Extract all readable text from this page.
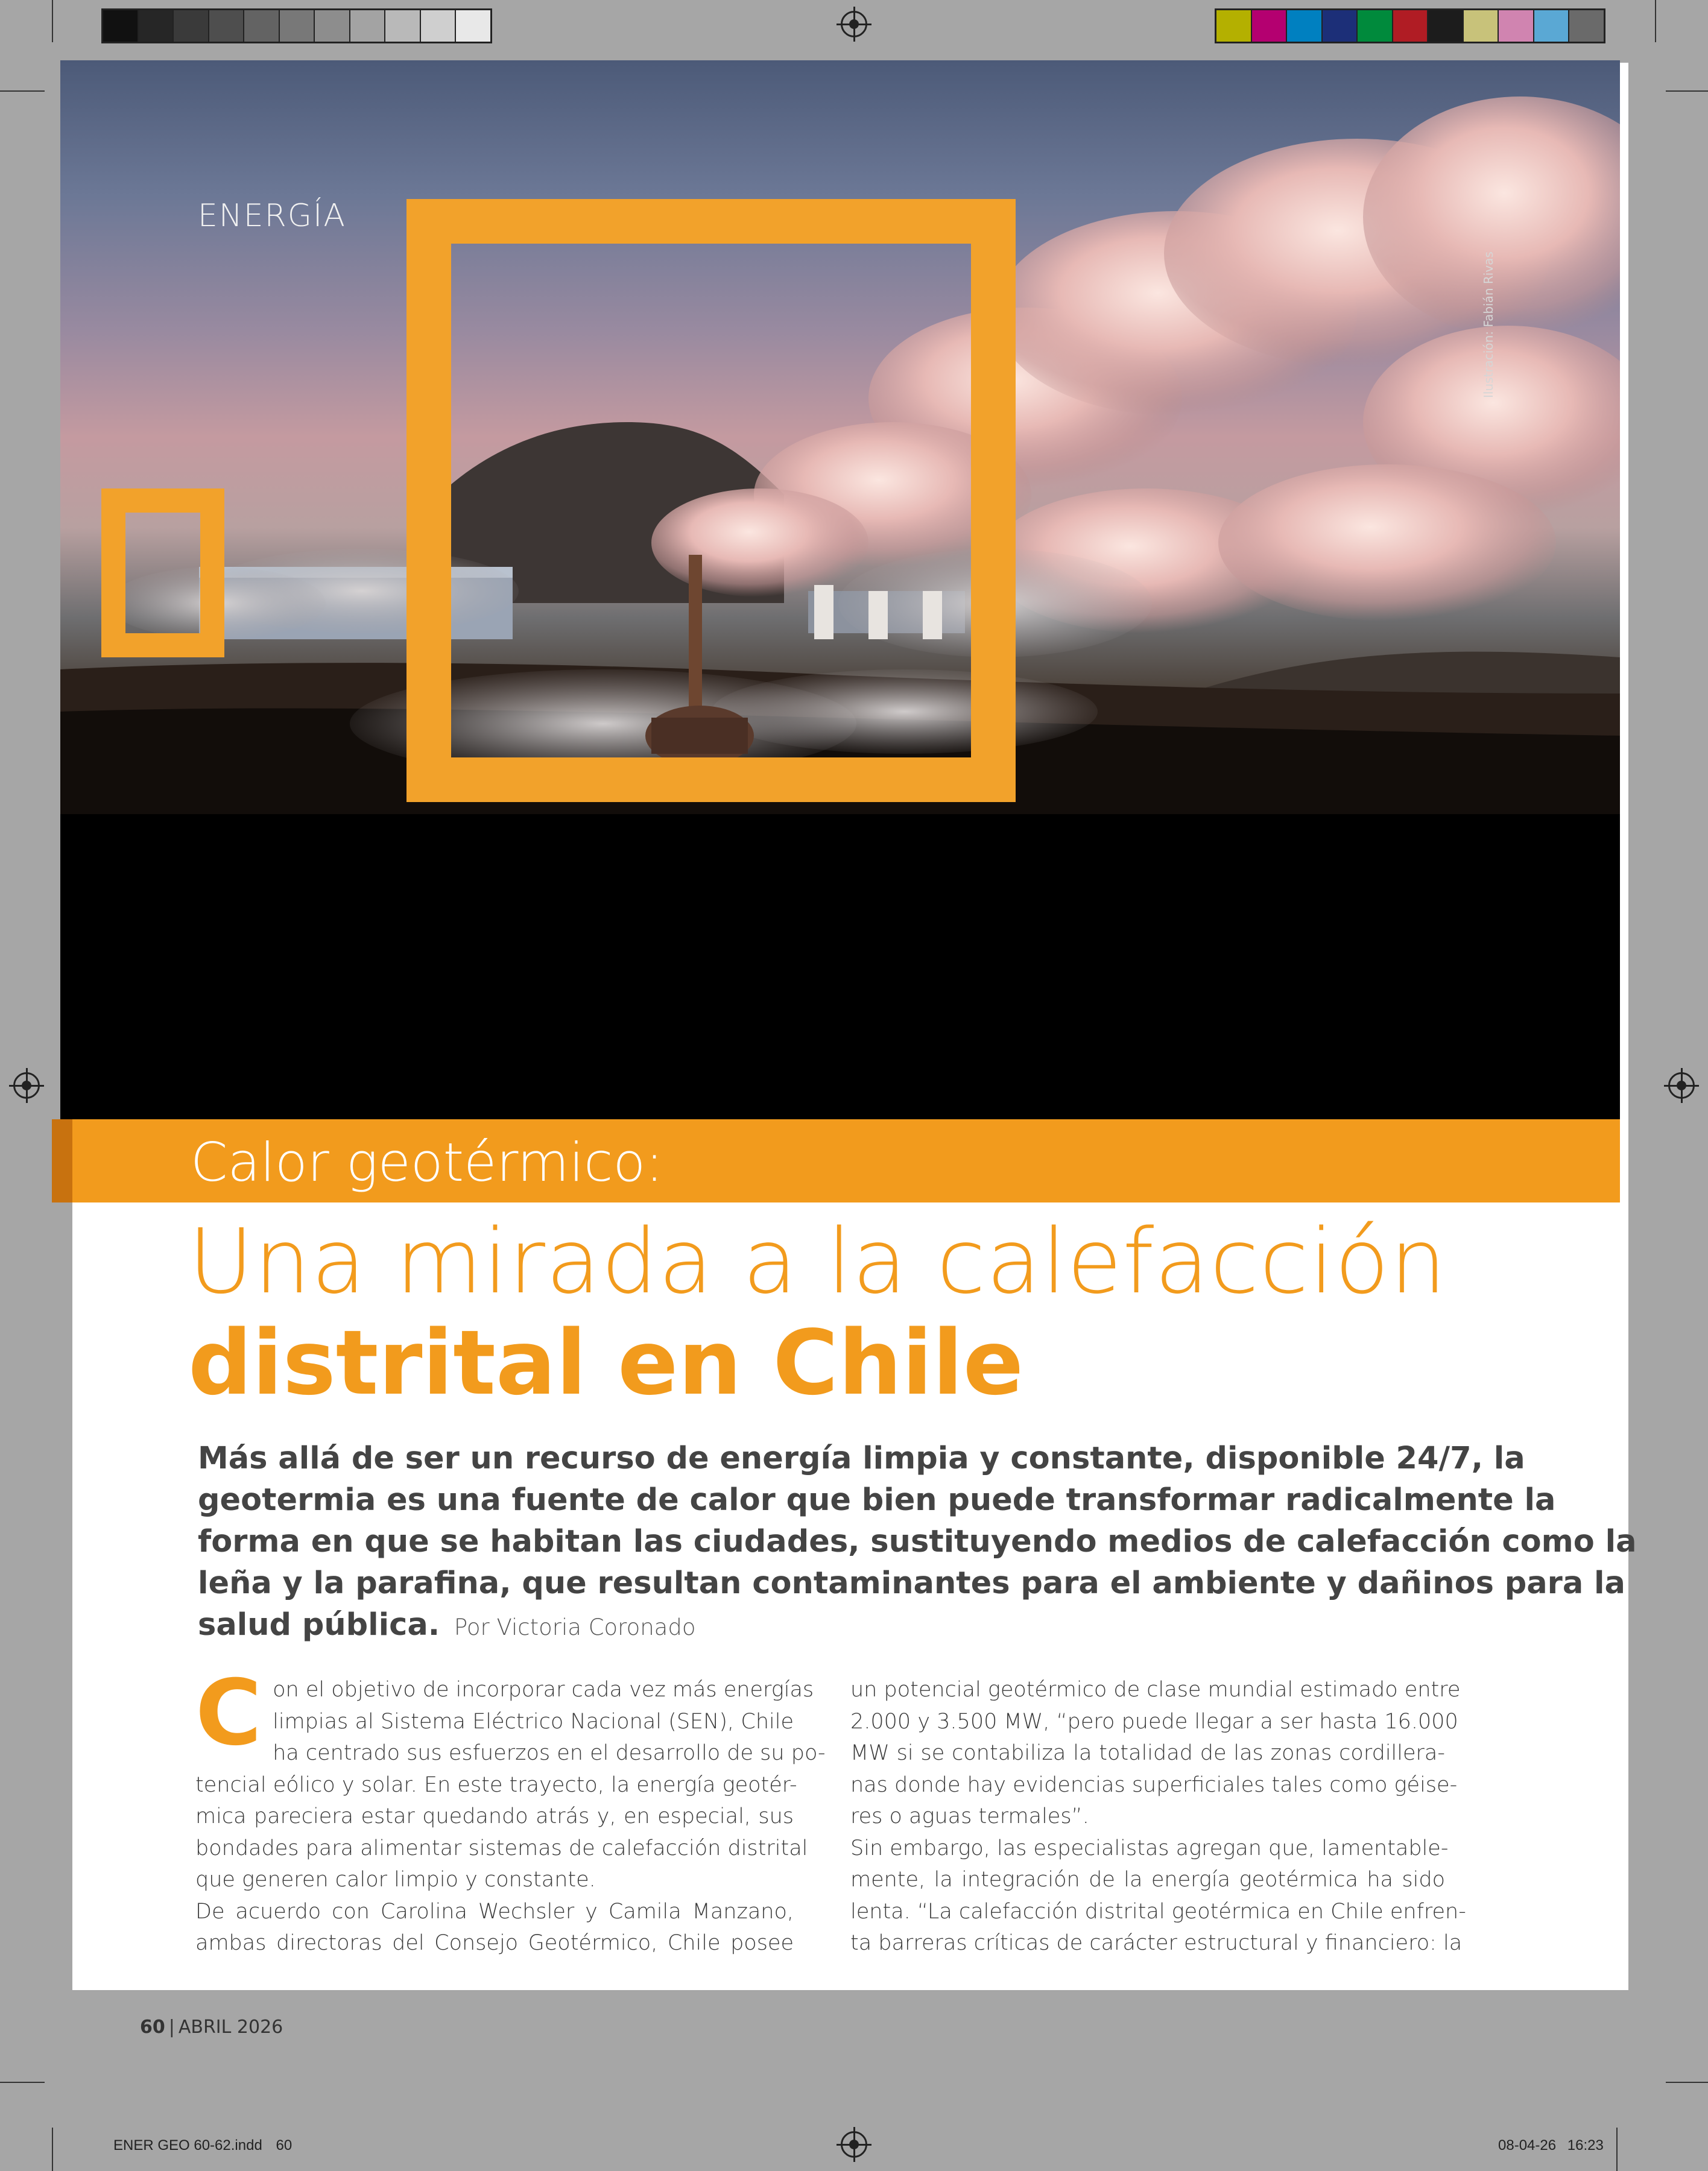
ENERGÍA
Ilustración: Fabián Rivas
Calor geotérmico:
Una mirada a la calefacción
distrital en Chile
Más allá de ser un recurso de energía limpia y constante, disponible 24/7, la
geotermia es una fuente de calor que bien puede transformar radicalmente la
forma en que se habitan las ciudades, sustituyendo medios de calefacción como la
leña y la parafina, que resultan contaminantes para el ambiente y dañinos para la
salud pública. Por Victoria Coronado
C on el objetivo de incorporar cada vez más energías
limpias al Sistema Eléctrico Nacional (SEN), Chile
ha centrado sus esfuerzos en el desarrollo de su po-
tencial eólico y solar. En este trayecto, la energía geotér-
mica pareciera estar quedando atrás y, en especial, sus
bondades para alimentar sistemas de calefacción distrital
que generen calor limpio y constante.
De acuerdo con Carolina Wechsler y Camila Manzano,
ambas directoras del Consejo Geotérmico, Chile posee
un potencial geotérmico de clase mundial estimado entre
2.000 y 3.500 MW, “pero puede llegar a ser hasta 16.000
MW si se contabiliza la totalidad de las zonas cordillera-
nas donde hay evidencias superficiales tales como géise-
res o aguas termales”.
Sin embargo, las especialistas agregan que, lamentable-
mente, la integración de la energía geotérmica ha sido
lenta. “La calefacción distrital geotérmica en Chile enfren-
ta barreras críticas de carácter estructural y financiero: la
60 | ABRIL 2026
ENER GEO 60-62.indd 60	08-04-26 16:23
